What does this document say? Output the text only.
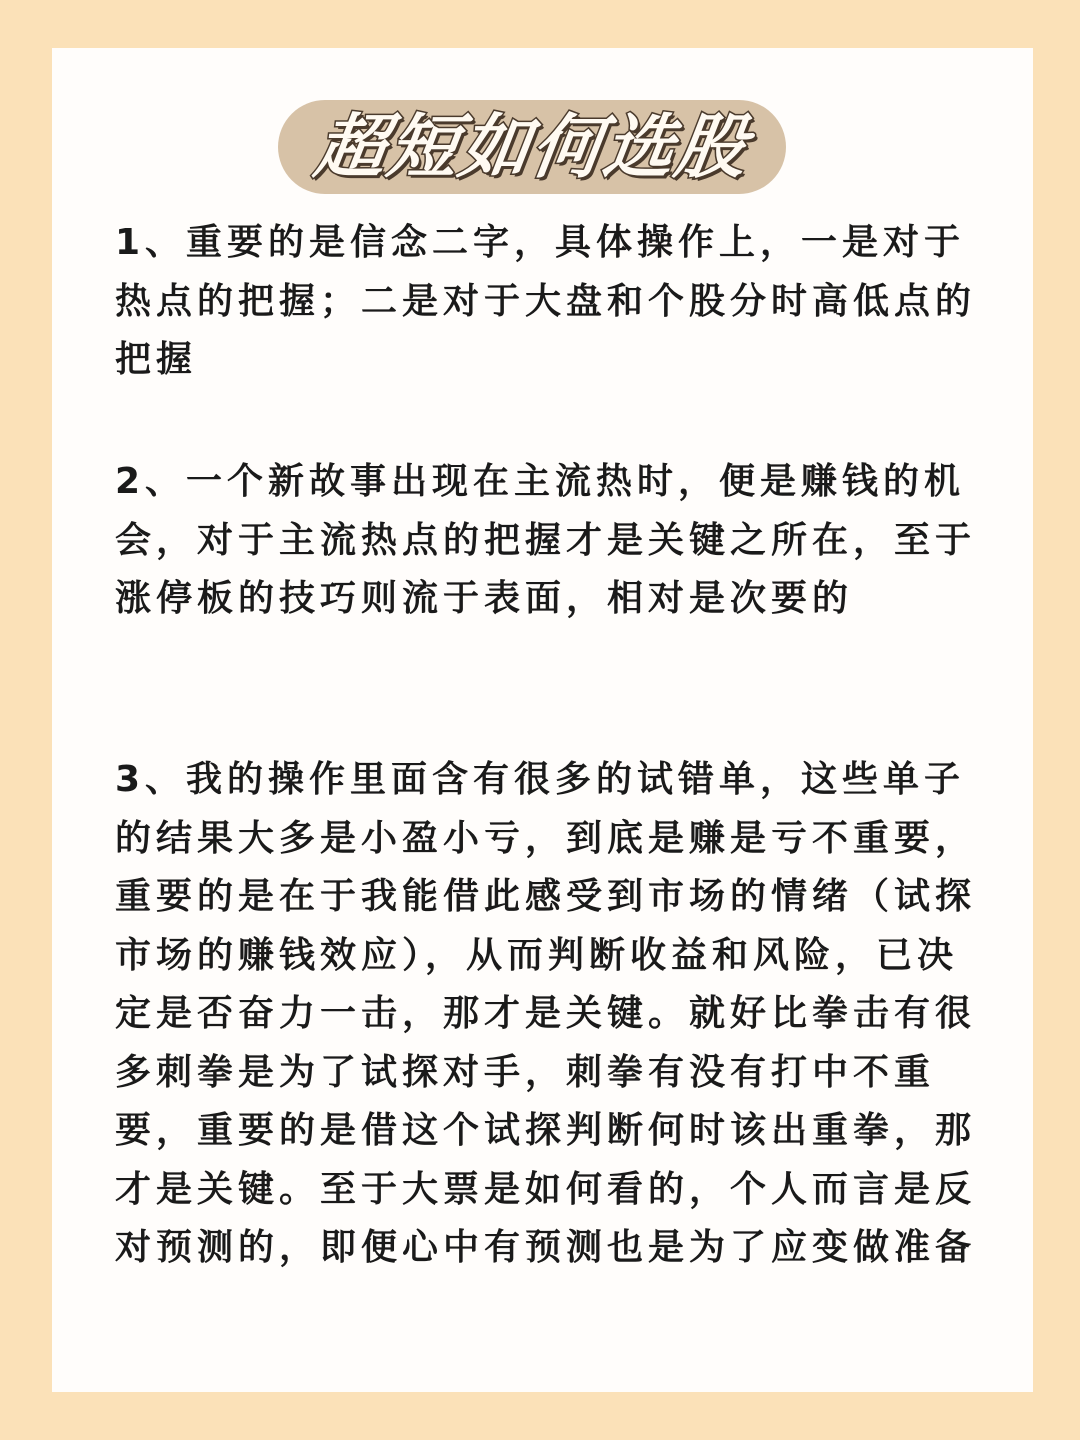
超短如何选股

1、重要的是信念二字，具体操作上，一是对于热点的把握；二是对于大盘和个股分时高低点的把握

2、一个新故事出现在主流热时，便是赚钱的机会，对于主流热点的把握才是关键之所在，至于涨停板的技巧则流于表面，相对是次要的

3、我的操作里面含有很多的试错单，这些单子的结果大多是小盈小亏，到底是赚是亏不重要，重要的是在于我能借此感受到市场的情绪（试探市场的赚钱效应），从而判断收益和风险，已决定是否奋力一击，那才是关键。就好比拳击有很多刺拳是为了试探对手，刺拳有没有打中不重要，重要的是借这个试探判断何时该出重拳，那才是关键。至于大票是如何看的，个人而言是反对预测的，即便心中有预测也是为了应变做准备
